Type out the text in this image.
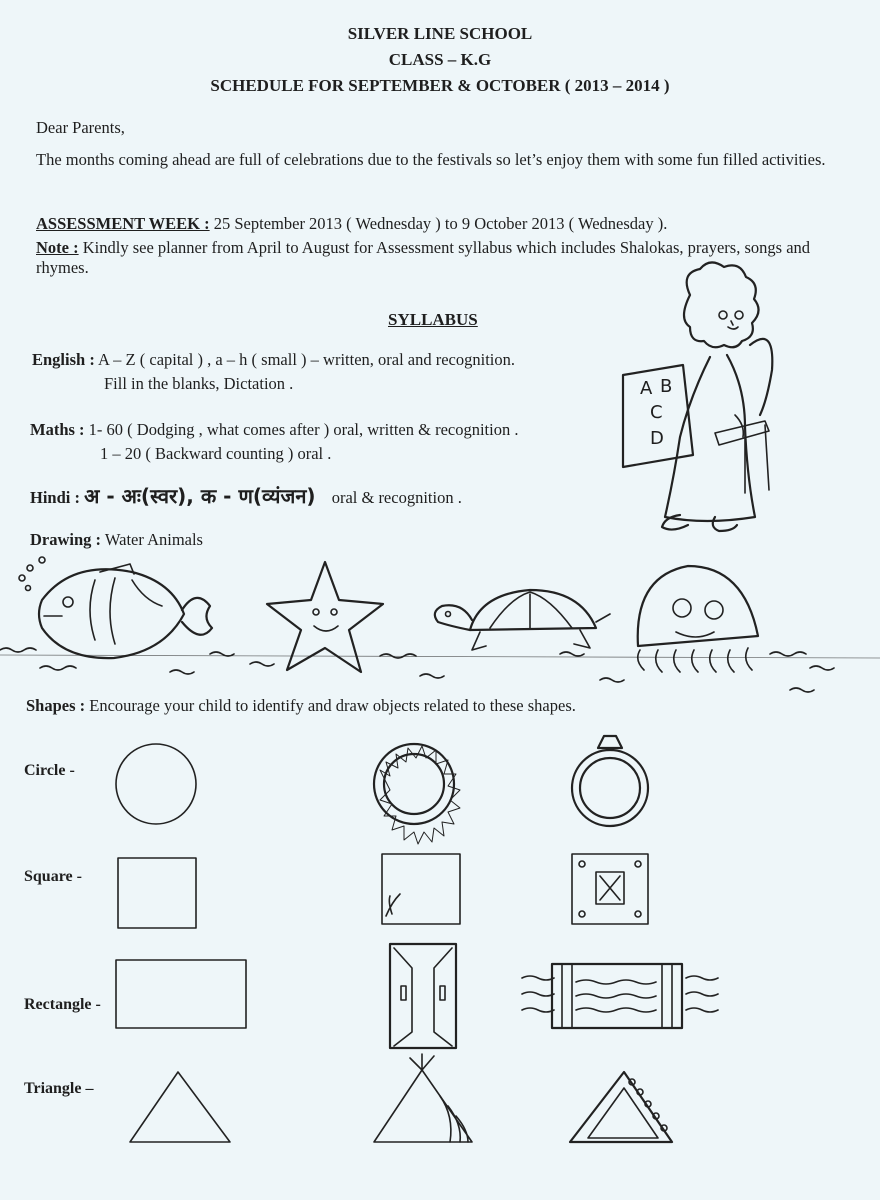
SILVER LINE SCHOOL
CLASS – K.G
SCHEDULE FOR SEPTEMBER & OCTOBER ( 2013 – 2014 )
Dear Parents,
The months coming ahead are full of celebrations due to the festivals so let’s enjoy them with some fun filled activities.
ASSESSMENT WEEK : 25 September 2013 ( Wednesday ) to 9 October 2013 ( Wednesday ).
Note : Kindly see planner from April to August for Assessment syllabus which includes Shalokas, prayers, songs and rhymes.
SYLLABUS
English : A – Z ( capital ) , a – h ( small ) – written, oral and recognition.
Fill in the blanks, Dictation .
Maths : 1- 60 ( Dodging , what comes after ) oral, written & recognition .
1 – 20 ( Backward counting ) oral .
Hindi : अ - अः(स्वर), क - ण(व्यंजन) oral & recognition .
Drawing : Water Animals
A B
C
D
Shapes : Encourage your child to identify and draw objects related to these shapes.
Circle -
Square -
Rectangle -
Triangle –
